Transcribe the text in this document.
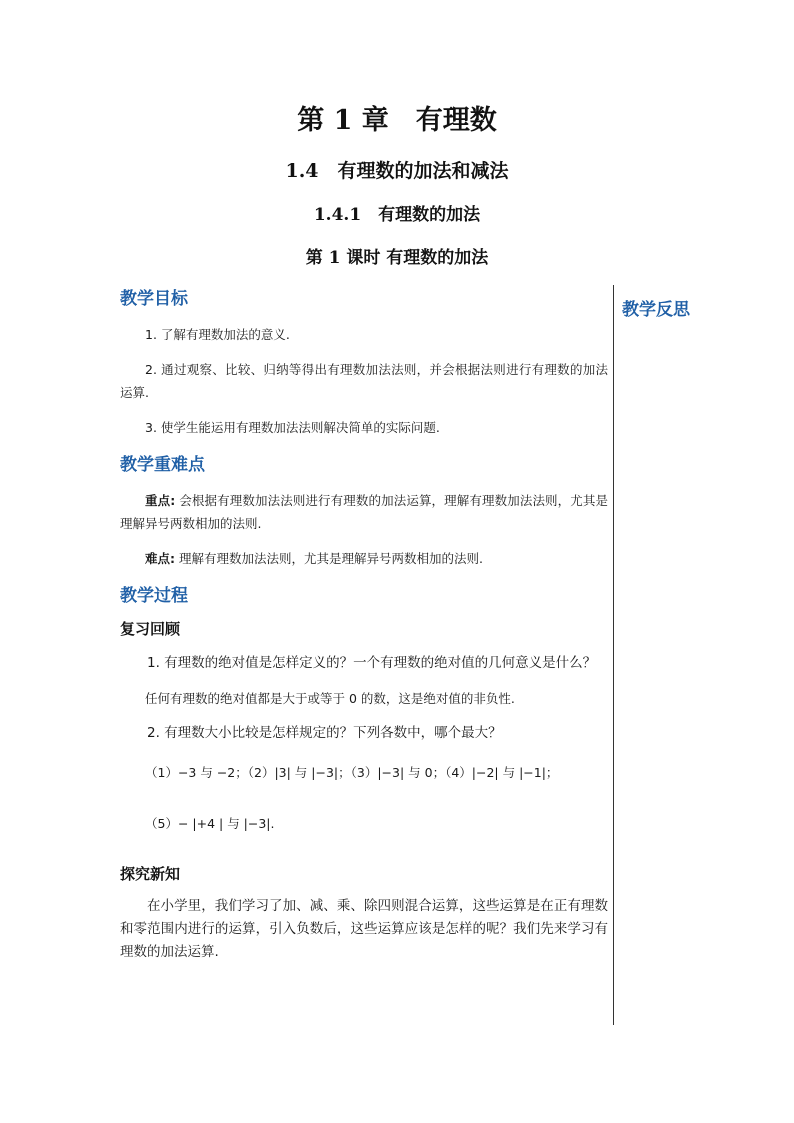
第 1 章　有理数
1.4　有理数的加法和减法
1.4.1　有理数的加法
第 1 课时 有理数的加法
教学反思
教学目标

1. 了解有理数加法的意义.

2. 通过观察、比较、归纳等得出有理数加法法则，并会根据法则进行有理数的加法运算.

3. 使学生能运用有理数加法法则解决简单的实际问题.

教学重难点

重点: 会根据有理数加法法则进行有理数的加法运算，理解有理数加法法则，尤其是理解异号两数相加的法则.

难点: 理解有理数加法法则，尤其是理解异号两数相加的法则.

教学过程
复习回顾

1. 有理数的绝对值是怎样定义的？一个有理数的绝对值的几何意义是什么？

任何有理数的绝对值都是大于或等于 0 的数，这是绝对值的非负性.

2. 有理数大小比较是怎样规定的？下列各数中，哪个最大？

（1）−3 与 −2；（2）|3| 与 |−3|；（3）|−3| 与 0；（4）|−2| 与 |−1|；

（5）− |+4 | 与 |−3|.

探究新知

在小学里，我们学习了加、减、乘、除四则混合运算，这些运算是在正有理数和零范围内进行的运算，引入负数后，这些运算应该是怎样的呢？我们先来学习有理数的加法运算.
